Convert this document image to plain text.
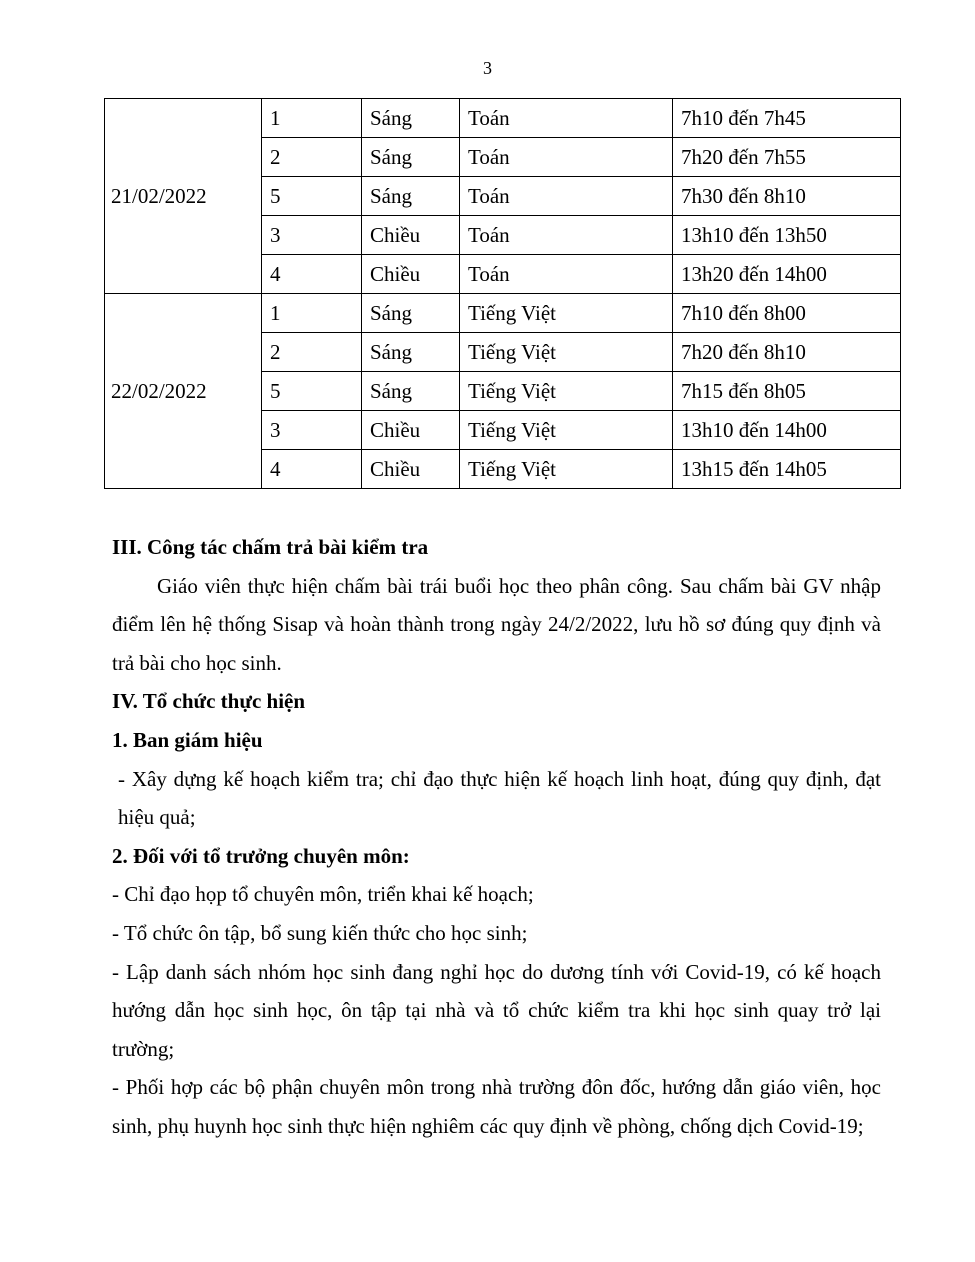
3
21/02/2022	1	Sáng	Toán	7h10 đến 7h45
	2	Sáng	Toán	7h20 đến 7h55
	5	Sáng	Toán	7h30 đến 8h10
	3	Chiều	Toán	13h10 đến 13h50
	4	Chiều	Toán	13h20 đến 14h00
22/02/2022	1	Sáng	Tiếng Việt	7h10 đến 8h00
	2	Sáng	Tiếng Việt	7h20 đến 8h10
	5	Sáng	Tiếng Việt	7h15 đến 8h05
	3	Chiều	Tiếng Việt	13h10 đến 14h00
	4	Chiều	Tiếng Việt	13h15 đến 14h05

III. Công tác chấm trả bài kiểm tra

Giáo viên thực hiện chấm bài trái buổi học theo phân công. Sau chấm bài GV nhập điểm lên hệ thống Sisap và hoàn thành trong ngày 24/2/2022, lưu hồ sơ đúng quy định và trả bài cho học sinh.

IV. Tổ chức thực hiện

1. Ban giám hiệu

- Xây dựng kế hoạch kiểm tra; chỉ đạo thực hiện kế hoạch linh hoạt, đúng quy định, đạt hiệu quả;

2. Đối với tổ trưởng chuyên môn:

- Chỉ đạo họp tổ chuyên môn, triển khai kế hoạch;

- Tổ chức ôn tập, bổ sung kiến thức cho học sinh;

- Lập danh sách nhóm học sinh đang nghỉ học do dương tính với Covid-19, có kế hoạch hướng dẫn học sinh học, ôn tập tại nhà và tổ chức kiểm tra khi học sinh quay trở lại trường;

- Phối hợp các bộ phận chuyên môn trong nhà trường đôn đốc, hướng dẫn giáo viên, học sinh, phụ huynh học sinh thực hiện nghiêm các quy định về phòng, chống dịch Covid-19;
